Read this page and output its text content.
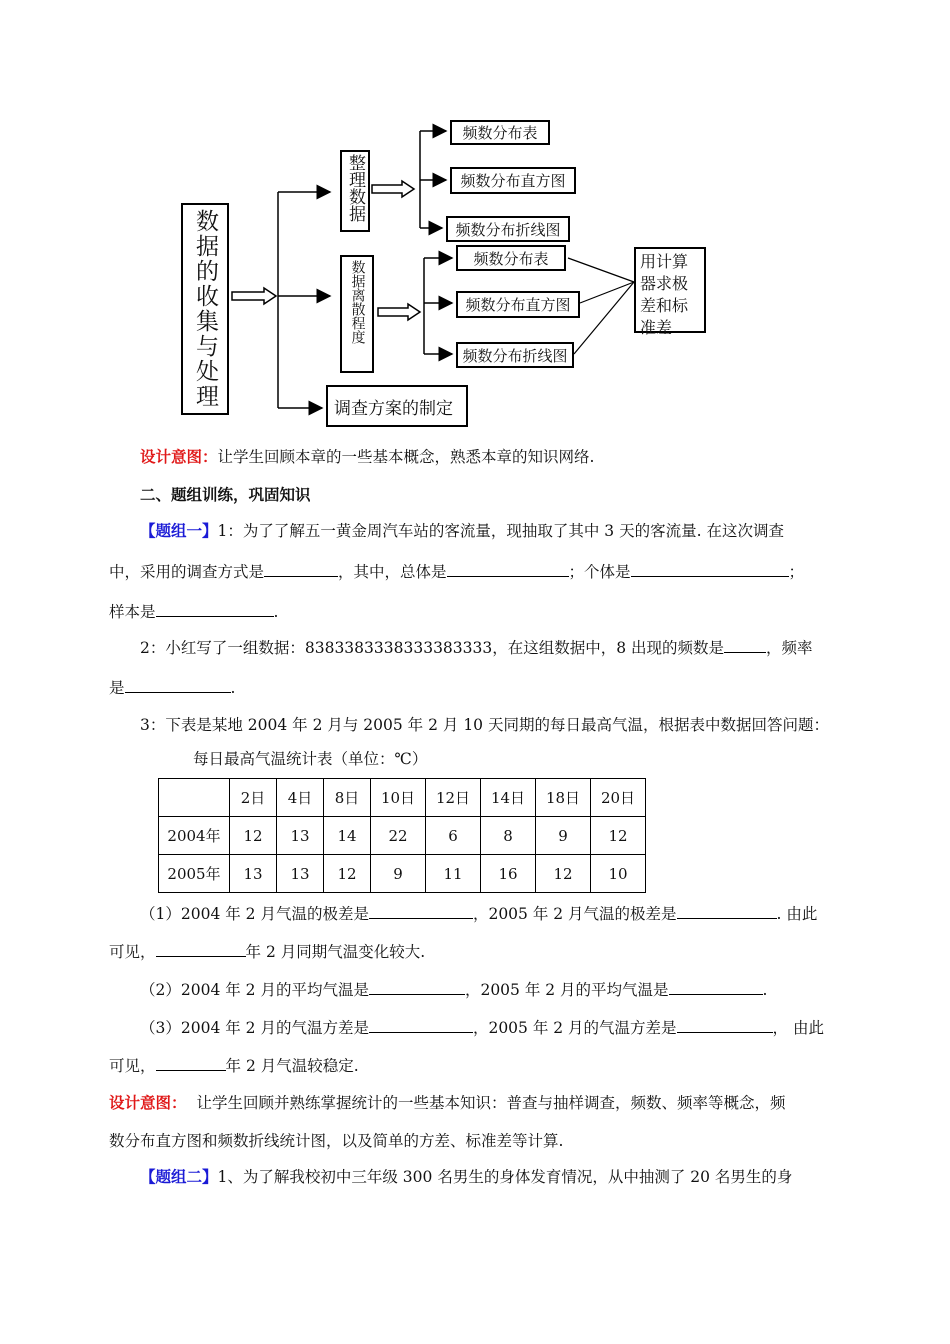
数据的收集与处理
整理数据
数据离散程度
频数分布表
频数分布直方图
频数分布折线图
频数分布表
频数分布直方图
频数分布折线图
用计算
器求极
差和标
准差
调查方案的制定
设计意图：让学生回顾本章的一些基本概念，熟悉本章的知识网络.
二、题组训练，巩固知识
【题组一】1：为了了解五一黄金周汽车站的客流量，现抽取了其中 3 天的客流量. 在这次调查
中，采用的调查方式是	，其中，总体是	；个体是	；
样本是	.
2：小红写了一组数据：8383383338333383333，在这组数据中，8 出现的频数是	，频率
是	.
3：下表是某地 2004 年 2 月与 2005 年 2 月 10 天同期的每日最高气温，根据表中数据回答问题：
每日最高气温统计表（单位：℃）
	2日	4日	8日	10日	12日	14日	18日	20日
2004年	12	13	14	22	6	8	9	12
2005年	13	13	12	9	11	16	12	10
（1）2004 年 2 月气温的极差是	，2005 年 2 月气温的极差是	. 由此
可见，	年 2 月同期气温变化较大.
（2）2004 年 2 月的平均气温是	，2005 年 2 月的平均气温是	.
（3）2004 年 2 月的气温方差是	，2005 年 2 月的气温方差是	， 由此
可见，	年 2 月气温较稳定.
设计意图： 让学生回顾并熟练掌握统计的一些基本知识：普查与抽样调查，频数、频率等概念，频
数分布直方图和频数折线统计图，以及简单的方差、标准差等计算.
【题组二】1、为了解我校初中三年级 300 名男生的身体发育情况，从中抽测了 20 名男生的身
